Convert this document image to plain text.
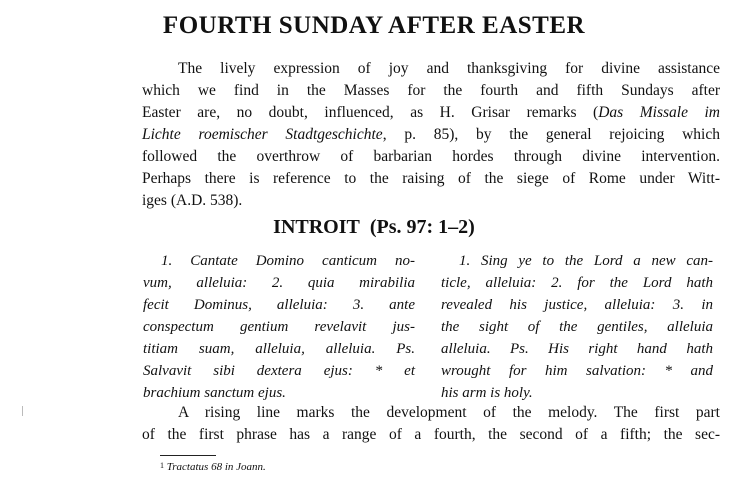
FOURTH SUNDAY AFTER EASTER
The lively expression of joy and thanksgiving for divine assistance
which we find in the Masses for the fourth and fifth Sundays after
Easter are, no doubt, influenced, as H. Grisar remarks (Das Missale im
Lichte roemischer Stadtgeschichte, p. 85), by the general rejoicing which
followed the overthrow of barbarian hordes through divine intervention.
Perhaps there is reference to the raising of the siege of Rome under Witt-
iges (A.D. 538).
INTROIT (Ps. 97: 1–2)
1. Cantate Domino canticum no-
vum, alleluia: 2. quia mirabilia
fecit Dominus, alleluia: 3. ante
conspectum gentium revelavit jus-
titiam suam, alleluia, alleluia. Ps.
Salvavit sibi dextera ejus: * et
brachium sanctum ejus.
1. Sing ye to the Lord a new can-
ticle, alleluia: 2. for the Lord hath
revealed his justice, alleluia: 3. in
the sight of the gentiles, alleluia
alleluia. Ps. His right hand hath
wrought for him salvation: * and
his arm is holy.
A rising line marks the development of the melody. The first part
of the first phrase has a range of a fourth, the second of a fifth; the sec-
$^1$ Tractatus 68 in Joann.
